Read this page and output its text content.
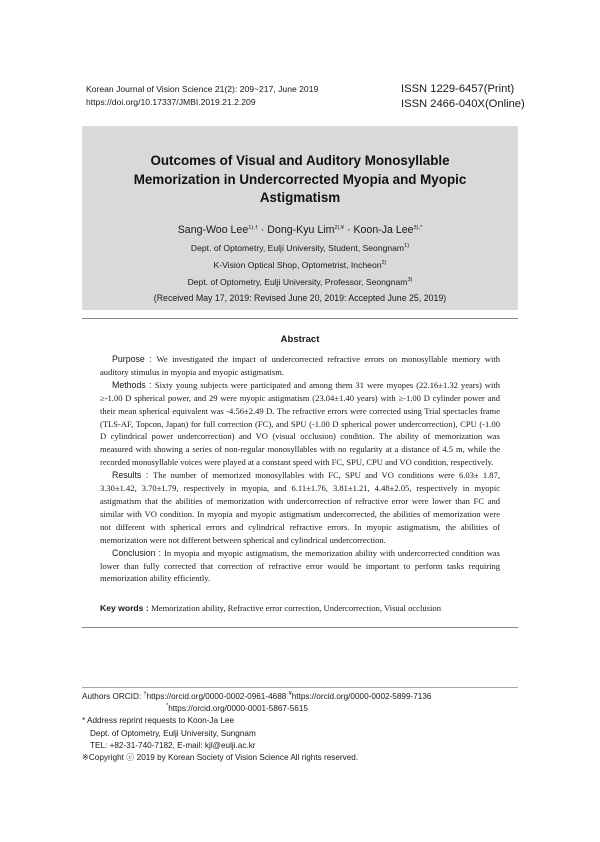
Korean Journal of Vision Science 21(2): 209~217, June 2019
https://doi.org/10.17337/JMBI.2019.21.2.209
ISSN 1229-6457(Print)
ISSN 2466-040X(Online)
Outcomes of Visual and Auditory Monosyllable
Memorization in Undercorrected Myopia and Myopic
Astigmatism
Sang-Woo Lee$^{1),\dagger}$ · Dong-Kyu Lim$^{2),¥}$ · Koon-Ja Lee$^{3),*}$
Dept. of Optometry, Eulji University, Student, Seongnam$^{1)}$
K-Vision Optical Shop, Optometrist, Incheon$^{2)}$
Dept. of Optometry, Eulji University, Professor, Seongnam$^{3)}$
(Received May 17, 2019: Revised June 20, 2019: Accepted June 25, 2019)
Abstract

Purpose : We investigated the impact of undercorrected refractive errors on monosyllable memory with auditory stimulus in myopia and myopic astigmatism.

Methods : Sixty young subjects were participated and among them 31 were myopes (22.16±1.32 years) with ≥-1.00 D spherical power, and 29 were myopic astigmatism (23.04±1.40 years) with ≥-1.00 D cylinder power and their mean spherical equivalent was -4.56±2.49 D. The refractive errors were corrected using Trial spectacles frame (TLS-AF, Topcon, Japan) for full correction (FC), and SPU (-1.00 D spherical power undercorrection), CPU (-1.00 D cylindrical power undercorrection) and VO (visual occlusion) condition. The ability of memorization was measured with showing a series of non-regular monosyllables with no regularity at a distance of 4.5 m, while the recorded monosyllable voices were played at a constant speed with FC, SPU, CPU and VO condition, respectively.

Results : The number of memorized monosyllables with FC, SPU and VO conditions were 6.03± 1.87, 3.30±1.42, 3.70±1.79, respectively in myopia, and 6.11±1.76, 3.81±1.21, 4.48±2.05, respectively in myopic astigmatism that the abilities of memorization with undercorrection of refractive error were lower than FC and similar with VO condition. In myopia and myopic astigmatism undercorrected, the abilities of memorization were not different with spherical errors and cylindrical refractive errors. In myopic astigmatism, the abilities of memorization were not different between spherical and cylindrical undercorrection.

Conclusion : In myopia and myopic astigmatism, the memorization ability with undercorrected condition was lower than fully corrected that correction of refractive error would be important to perform tasks requiring memorization ability efficiently.

Key words : Memorization ability, Refractive error correction, Undercorrection, Visual occlusion
Authors ORCID: †https://orcid.org/0000-0002-0961-4688 ¥https://orcid.org/0000-0002-5899-7136
*https://orcid.org/0000-0001-5867-5615
* Address reprint requests to Koon-Ja Lee
Dept. of Optometry, Eulji University, Sungnam
TEL: +82-31-740-7182, E-mail: kjl@eulji.ac.kr
※Copyright ⓒ 2019 by Korean Society of Vision Science All rights reserved.
